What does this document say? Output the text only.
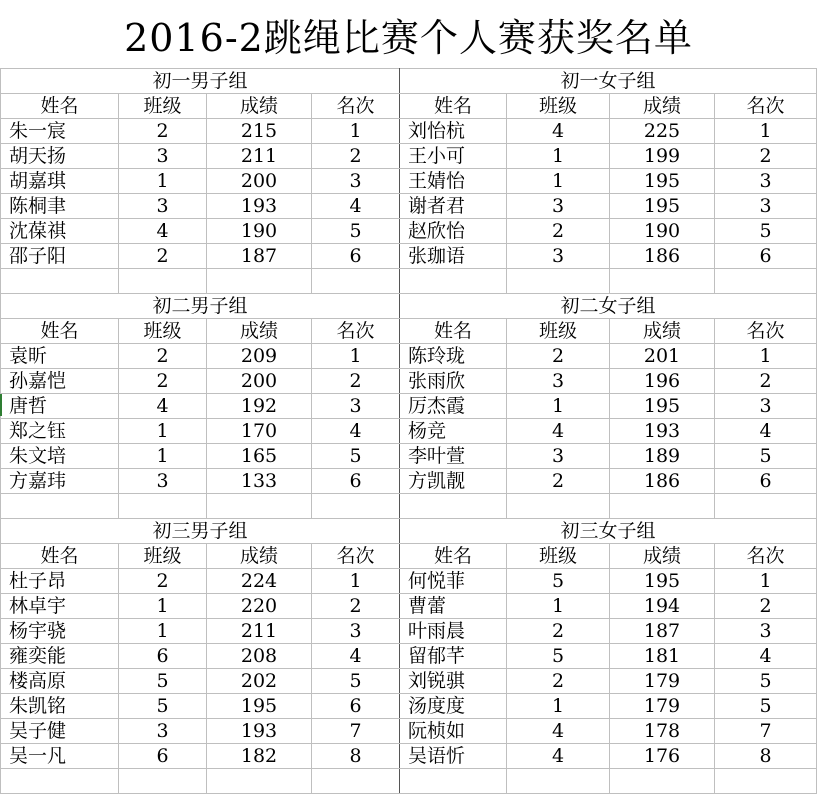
2016-2跳绳比赛个人赛获奖名单
初一男子组				初一女子组			
姓名	班级	成绩	名次	姓名	班级	成绩	名次
朱一宸	2	215	1	刘怡杭	4	225	1
胡天扬	3	211	2	王小可	1	199	2
胡嘉琪	1	200	3	王婧怡	1	195	3
陈桐聿	3	193	4	谢者君	3	195	3
沈葆祺	4	190	5	赵欣怡	2	190	5
邵子阳	2	187	6	张珈语	3	186	6

初二男子组				初二女子组			
姓名	班级	成绩	名次	姓名	班级	成绩	名次
袁昕	2	209	1	陈玲珑	2	201	1
孙嘉恺	2	200	2	张雨欣	3	196	2
唐哲	4	192	3	厉杰霞	1	195	3
郑之钰	1	170	4	杨竞	4	193	4
朱文培	1	165	5	李叶萱	3	189	5
方嘉玮	3	133	6	方凯靓	2	186	6

初三男子组				初三女子组			
姓名	班级	成绩	名次	姓名	班级	成绩	名次
杜子昂	2	224	1	何悦菲	5	195	1
林卓宇	1	220	2	曹蕾	1	194	2
杨宇骁	1	211	3	叶雨晨	2	187	3
雍奕能	6	208	4	留郁芊	5	181	4
楼高原	5	202	5	刘锐骐	2	179	5
朱凯铭	5	195	6	汤度度	1	179	5
吴子健	3	193	7	阮桢如	4	178	7
吴一凡	6	182	8	吴语忻	4	176	8
